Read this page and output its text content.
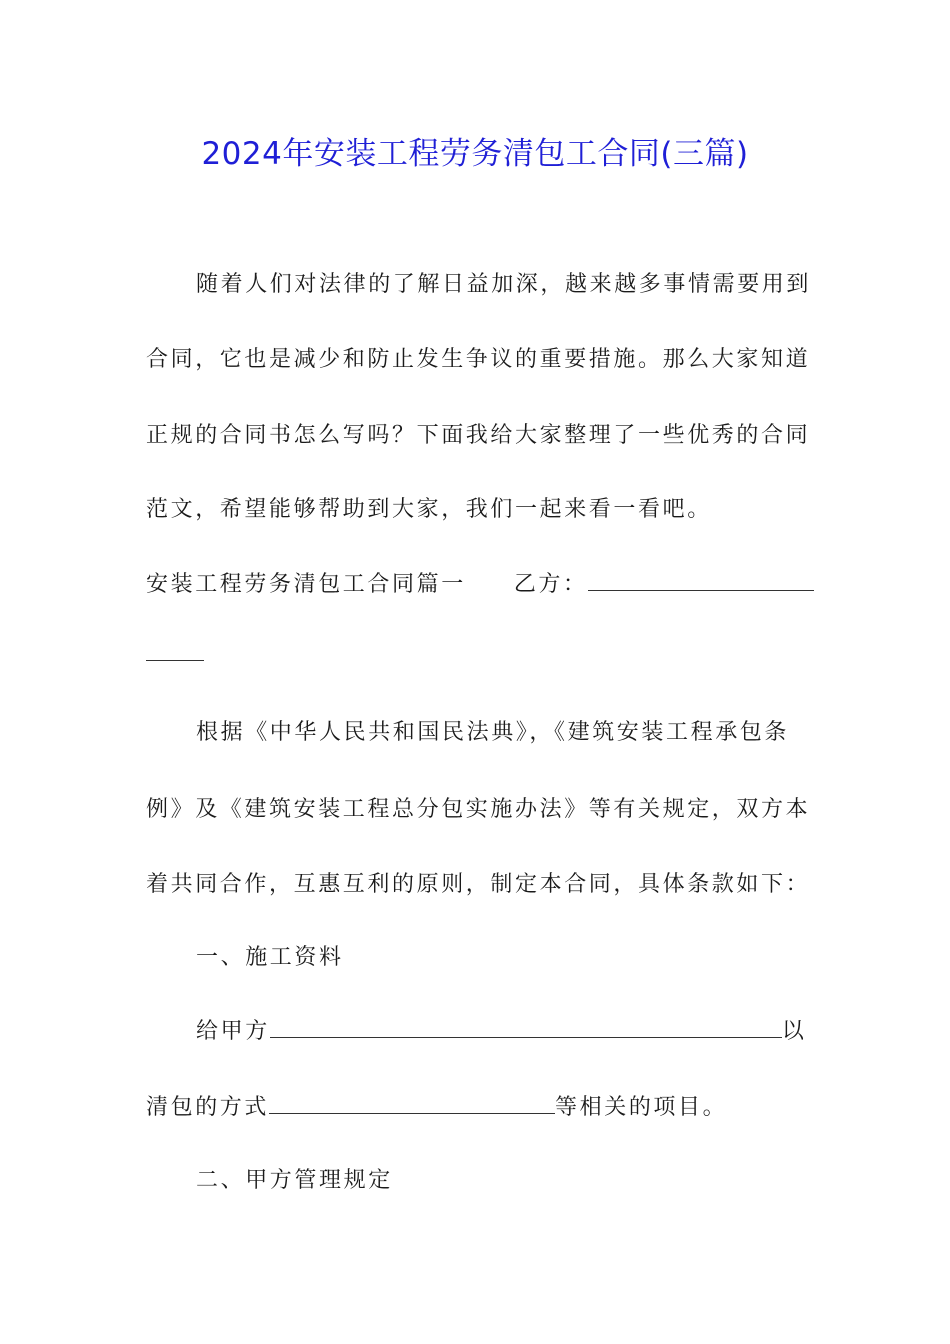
2024年安装工程劳务清包工合同(三篇)
随着人们对法律的了解日益加深，越来越多事情需要用到
合同，它也是减少和防止发生争议的重要措施。那么大家知道
正规的合同书怎么写吗？下面我给大家整理了一些优秀的合同
范文，希望能够帮助到大家，我们一起来看一看吧。
安装工程劳务清包工合同篇一 乙方：
根据《中华人民共和国民法典》，《建筑安装工程承包条
例》及《建筑安装工程总分包实施办法》等有关规定，双方本
着共同合作，互惠互利的原则，制定本合同，具体条款如下：
一、施工资料
给甲方	以
清包的方式	等相关的项目。
二、甲方管理规定
